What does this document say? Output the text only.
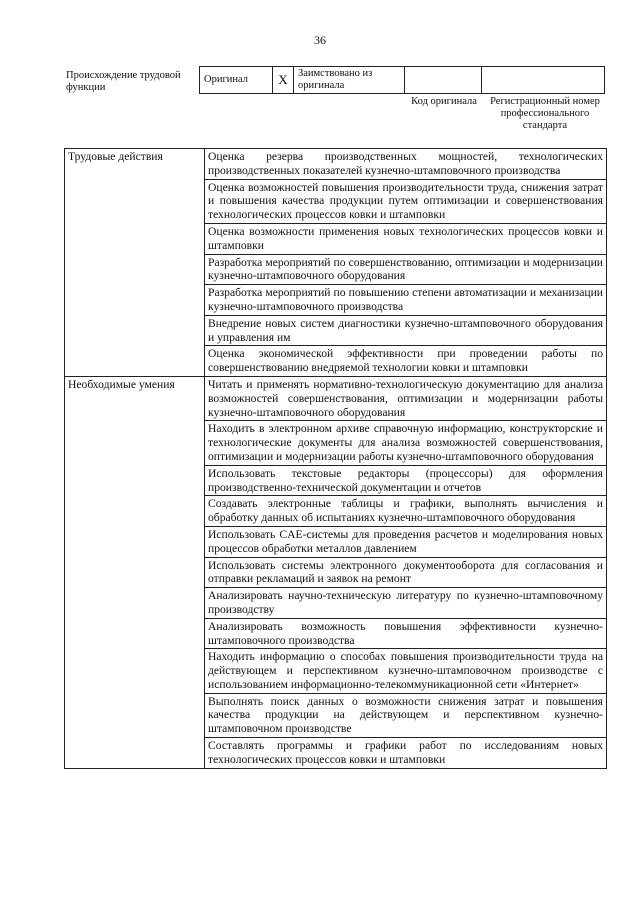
36
Происхождение трудовой функции
Оригинал	X	Заимствовано из оригинала		
Код оригинала	Регистрационный номер профессионального стандарта
Трудовые действия	Оценка резерва производственных мощностей, технологических производственных показателей кузнечно-штамповочного производства
	Оценка возможностей повышения производительности труда, снижения затрат и повышения качества продукции путем оптимизации и совершенствования технологических процессов ковки и штамповки
	Оценка возможности применения новых технологических процессов ковки и штамповки
	Разработка мероприятий по совершенствованию, оптимизации и модернизации кузнечно-штамповочного оборудования
	Разработка мероприятий по повышению степени автоматизации и механизации кузнечно-штамповочного производства
	Внедрение новых систем диагностики кузнечно-штамповочного оборудования и управления им
	Оценка экономической эффективности при проведении работы по совершенствованию внедряемой технологии ковки и штамповки
Необходимые умения	Читать и применять нормативно-технологическую документацию для анализа возможностей совершенствования, оптимизации и модернизации работы кузнечно-штамповочного оборудования
	Находить в электронном архиве справочную информацию, конструкторские и технологические документы для анализа возможностей совершенствования, оптимизации и модернизации работы кузнечно-штамповочного оборудования
	Использовать текстовые редакторы (процессоры) для оформления производственно-технической документации и отчетов
	Создавать электронные таблицы и графики, выполнять вычисления и обработку данных об испытаниях кузнечно-штамповочного оборудования
	Использовать CAE-системы для проведения расчетов и моделирования новых процессов обработки металлов давлением
	Использовать системы электронного документооборота для согласования и отправки рекламаций и заявок на ремонт
	Анализировать научно-техническую литературу по кузнечно-штамповочному производству
	Анализировать возможность повышения эффективности кузнечно-штамповочного производства
	Находить информацию о способах повышения производительности труда на действующем и перспективном кузнечно-штамповочном производстве с использованием информационно-телекоммуникационной сети «Интернет»
	Выполнять поиск данных о возможности снижения затрат и повышения качества продукции на действующем и перспективном кузнечно-штамповочном производстве
	Составлять программы и графики работ по исследованиям новых технологических процессов ковки и штамповки
